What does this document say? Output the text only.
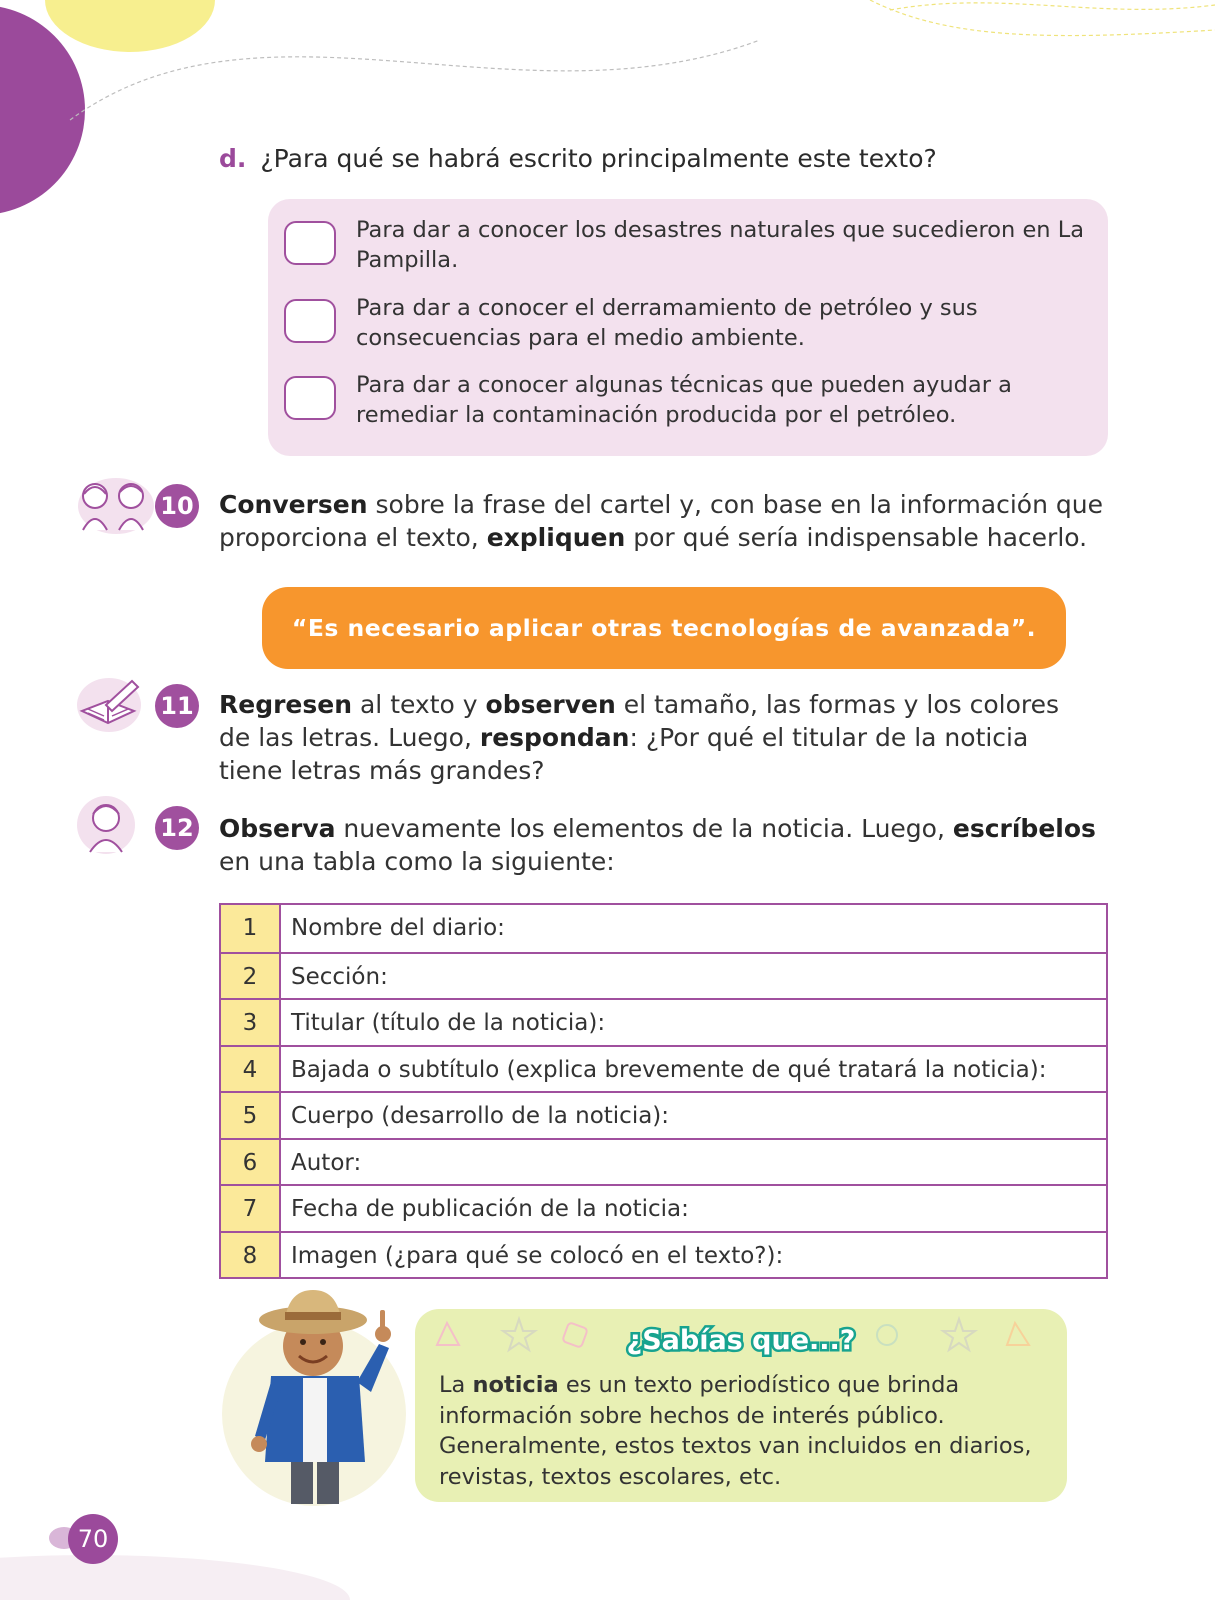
d. ¿Para qué se habrá escrito principalmente este texto?
Para dar a conocer los desastres naturales que sucedieron en La Pampilla.
Para dar a conocer el derramamiento de petróleo y sus consecuencias para el medio ambiente.
Para dar a conocer algunas técnicas que pueden ayudar a remediar la contaminación producida por el petróleo.
10 Conversen sobre la frase del cartel y, con base en la información que proporciona el texto, expliquen por qué sería indispensable hacerlo.
“Es necesario aplicar otras tecnologías de avanzada”.
11 Regresen al texto y observen el tamaño, las formas y los colores de las letras. Luego, respondan: ¿Por qué el titular de la noticia tiene letras más grandes?
12 Observa nuevamente los elementos de la noticia. Luego, escríbelos en una tabla como la siguiente:
1	Nombre del diario:
2	Sección:
3	Titular (título de la noticia):
4	Bajada o subtítulo (explica brevemente de qué tratará la noticia):
5	Cuerpo (desarrollo de la noticia):
6	Autor:
7	Fecha de publicación de la noticia:
8	Imagen (¿para qué se colocó en el texto?):
¿Sabías que...?
La noticia es un texto periodístico que brinda información sobre hechos de interés público. Generalmente, estos textos van incluidos en diarios, revistas, textos escolares, etc.
70
